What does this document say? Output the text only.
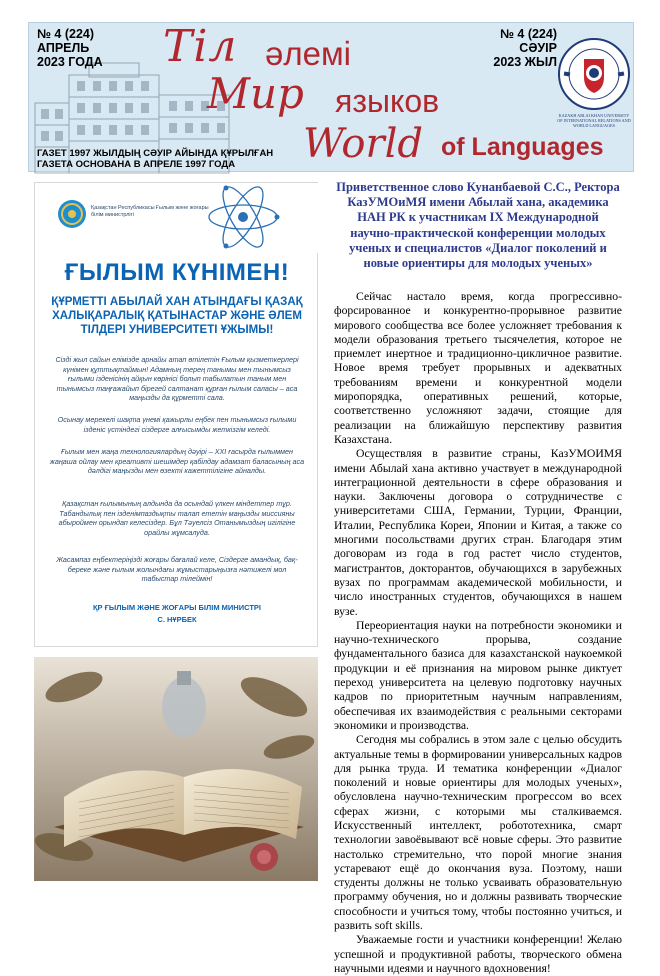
№ 4 (224)
АПРЕЛЬ
2023 ГОДА Тіл әлемі
Мир языков
World of Languages
№ 4 (224)
СӘУІР
2023 ЖЫЛ
KAZAKH ABLAI KHAN UNIVERSITY
OF INTERNATIONAL RELATIONS AND
WORLD LANGUAGES
ГАЗЕТ 1997 ЖЫЛДЫҢ СӘУІР АЙЫНДА ҚҰРЫЛҒАН
ГАЗЕТА ОСНОВАНА В АПРЕЛЕ 1997 ГОДА
Қазақстан Республикасы Ғылым және жоғары білім министрлігі
ҒЫЛЫМ КҮНІМЕН!
ҚҰРМЕТТІ АБЫЛАЙ ХАН АТЫНДАҒЫ ҚАЗАҚ ХАЛЫҚАРАЛЫҚ ҚАТЫНАСТАР ЖӘНЕ ӘЛЕМ ТІЛДЕРІ УНИВЕРСИТЕТІ ҰЖЫМЫ!
Сізді жыл сайын елімізде арнайы атап өтілетін Ғылым қызметкерлері күнімен құттықтаймын! Адамның терең танымы мен тынымсыз ғылыми ізденісінің айқын көрінісі болып табылатын таным мен тынымсыз таңғажайып бірегей салтанат құрған ғылым саласы – аса маңызды да құрметті сала.
Осынау мерекелі шақта үнемі қажырлы еңбек пен тынымсыз ғылыми ізденіс үстіндегі сіздерге алғысымды жеткізгім келеді.
Ғылым мен жаңа технологиялардың дәуірі – XXI ғасырда ғылыммен жаңаша ойлау мен креативті шешімдер қабілдау адамзат баласының аса дәлдігі маңызды мен өзекті кажеттілігіне айналды.
Қазақстан ғылымының алдында да осындай үлкен міндеттер тұр. Табандылық пен ізденімпаздықты талап ететін маңызды миссияны абыроймен орындап келесіздер. Бұл Тәуелсіз Отанымыздың игілігіне орайлы жұмсалуда.
Жасампаз еңбектеріңізді жоғары бағалай келе, Сіздерге амандық, бақ-береке және ғылым жолындағы жұмыстарыңызға нәтижелі мол табыстар тілеймін!
ҚР ҒЫЛЫМ ЖӘНЕ ЖОҒАРЫ БІЛІМ МИНИСТРІ
С. НҰРБЕК
Приветственное слово Кунанбаевой С.С., Ректора КазУМОиМЯ имени Абылай хана, академика НАН РК к участникам IX Международной научно-практической конференции молодых ученых и специалистов «Диалог поколений и новые ориентиры для молодых ученых»

Сейчас настало время, когда прогрессивно-форсированное и конкурентно-прорывное развитие мирового сообщества все более усложняет требования к модели образования третьего тысячелетия, которое не приемлет инертное и традиционно-цикличное развитие. Новое время требует прорывных и адекватных требованиям времени и конкурентной модели миропорядка, оперативных решений, которые, соответственно усложняют задачи, стоящие для реализации на ближайшую перспективу развития Казахстана.

Осуществляя в развитие страны, КазУМОИМЯ имени Абылай хана активно участвует в международной интеграционной деятельности в сфере образования и науки. Заключены договора о сотрудничестве с университетами США, Германии, Турции, Франции, Италии, Республика Кореи, Японии и Китая, а также со многими посольствами других стран. Благодаря этим договорам из года в год растет число студентов, магистрантов, докторантов, обучающихся в зарубежных вузах по программам академической мобильности, и число иностранных студентов, обучающихся в нашем вузе.

Переориентация науки на потребности экономики и научно-технического прорыва, создание фундаментального базиса для казахстанской наукоемкой продукции и её признания на мировом рынке диктует переход университета на целевую подготовку научных кадров по приоритетным научным направлениям, обеспечивая их взаимодействия с реальными секторами экономики и производства.

Сегодня мы собрались в этом зале с целью обсудить актуальные темы в формировании универсальных кадров для рынка труда. И тематика конференции «Диалог поколений и новые ориентиры для молодых ученых», обусловлена научно-техническим прогрессом во всех сферах жизни, с которыми мы сталкиваемся. Искусственный интеллект, робототехника, смарт технологии завоёвывают всё новые сферы. Это развитие настолько стремительно, что порой многие знания устаревают ещё до окончания вуза. Поэтому, наши студенты должны не только усваивать образовательную программу обучения, но и должны развивать творческие способности и учиться тому, чтобы постоянно учиться, и развить soft skills.

Уважаемые гости и участники конференции! Желаю успешной и продуктивной работы, творческого обмена научными идеями и научного вдохновения!
